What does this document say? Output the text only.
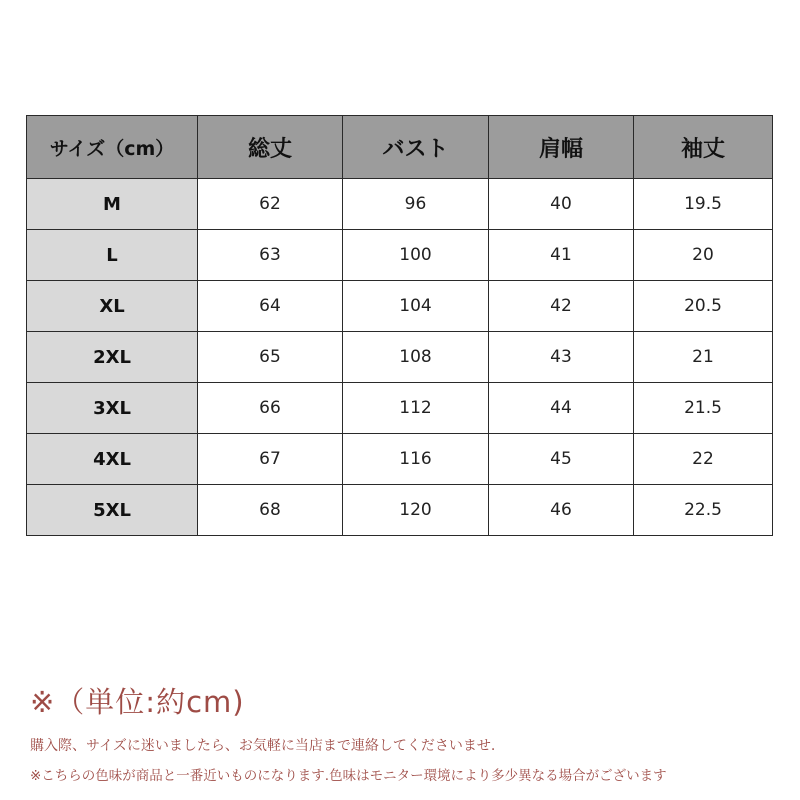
サイズ（cm）	総丈	バスト	肩幅	袖丈
M	62	96	40	19.5
L	63	100	41	20
XL	64	104	42	20.5
2XL	65	108	43	21
3XL	66	112	44	21.5
4XL	67	116	45	22
5XL	68	120	46	22.5
※（単位:約cm)
購入際、サイズに迷いましたら、お気軽に当店まで連絡してくださいませ.
※こちらの色味が商品と一番近いものになります.色味はモニター環境により多少異なる場合がございます
